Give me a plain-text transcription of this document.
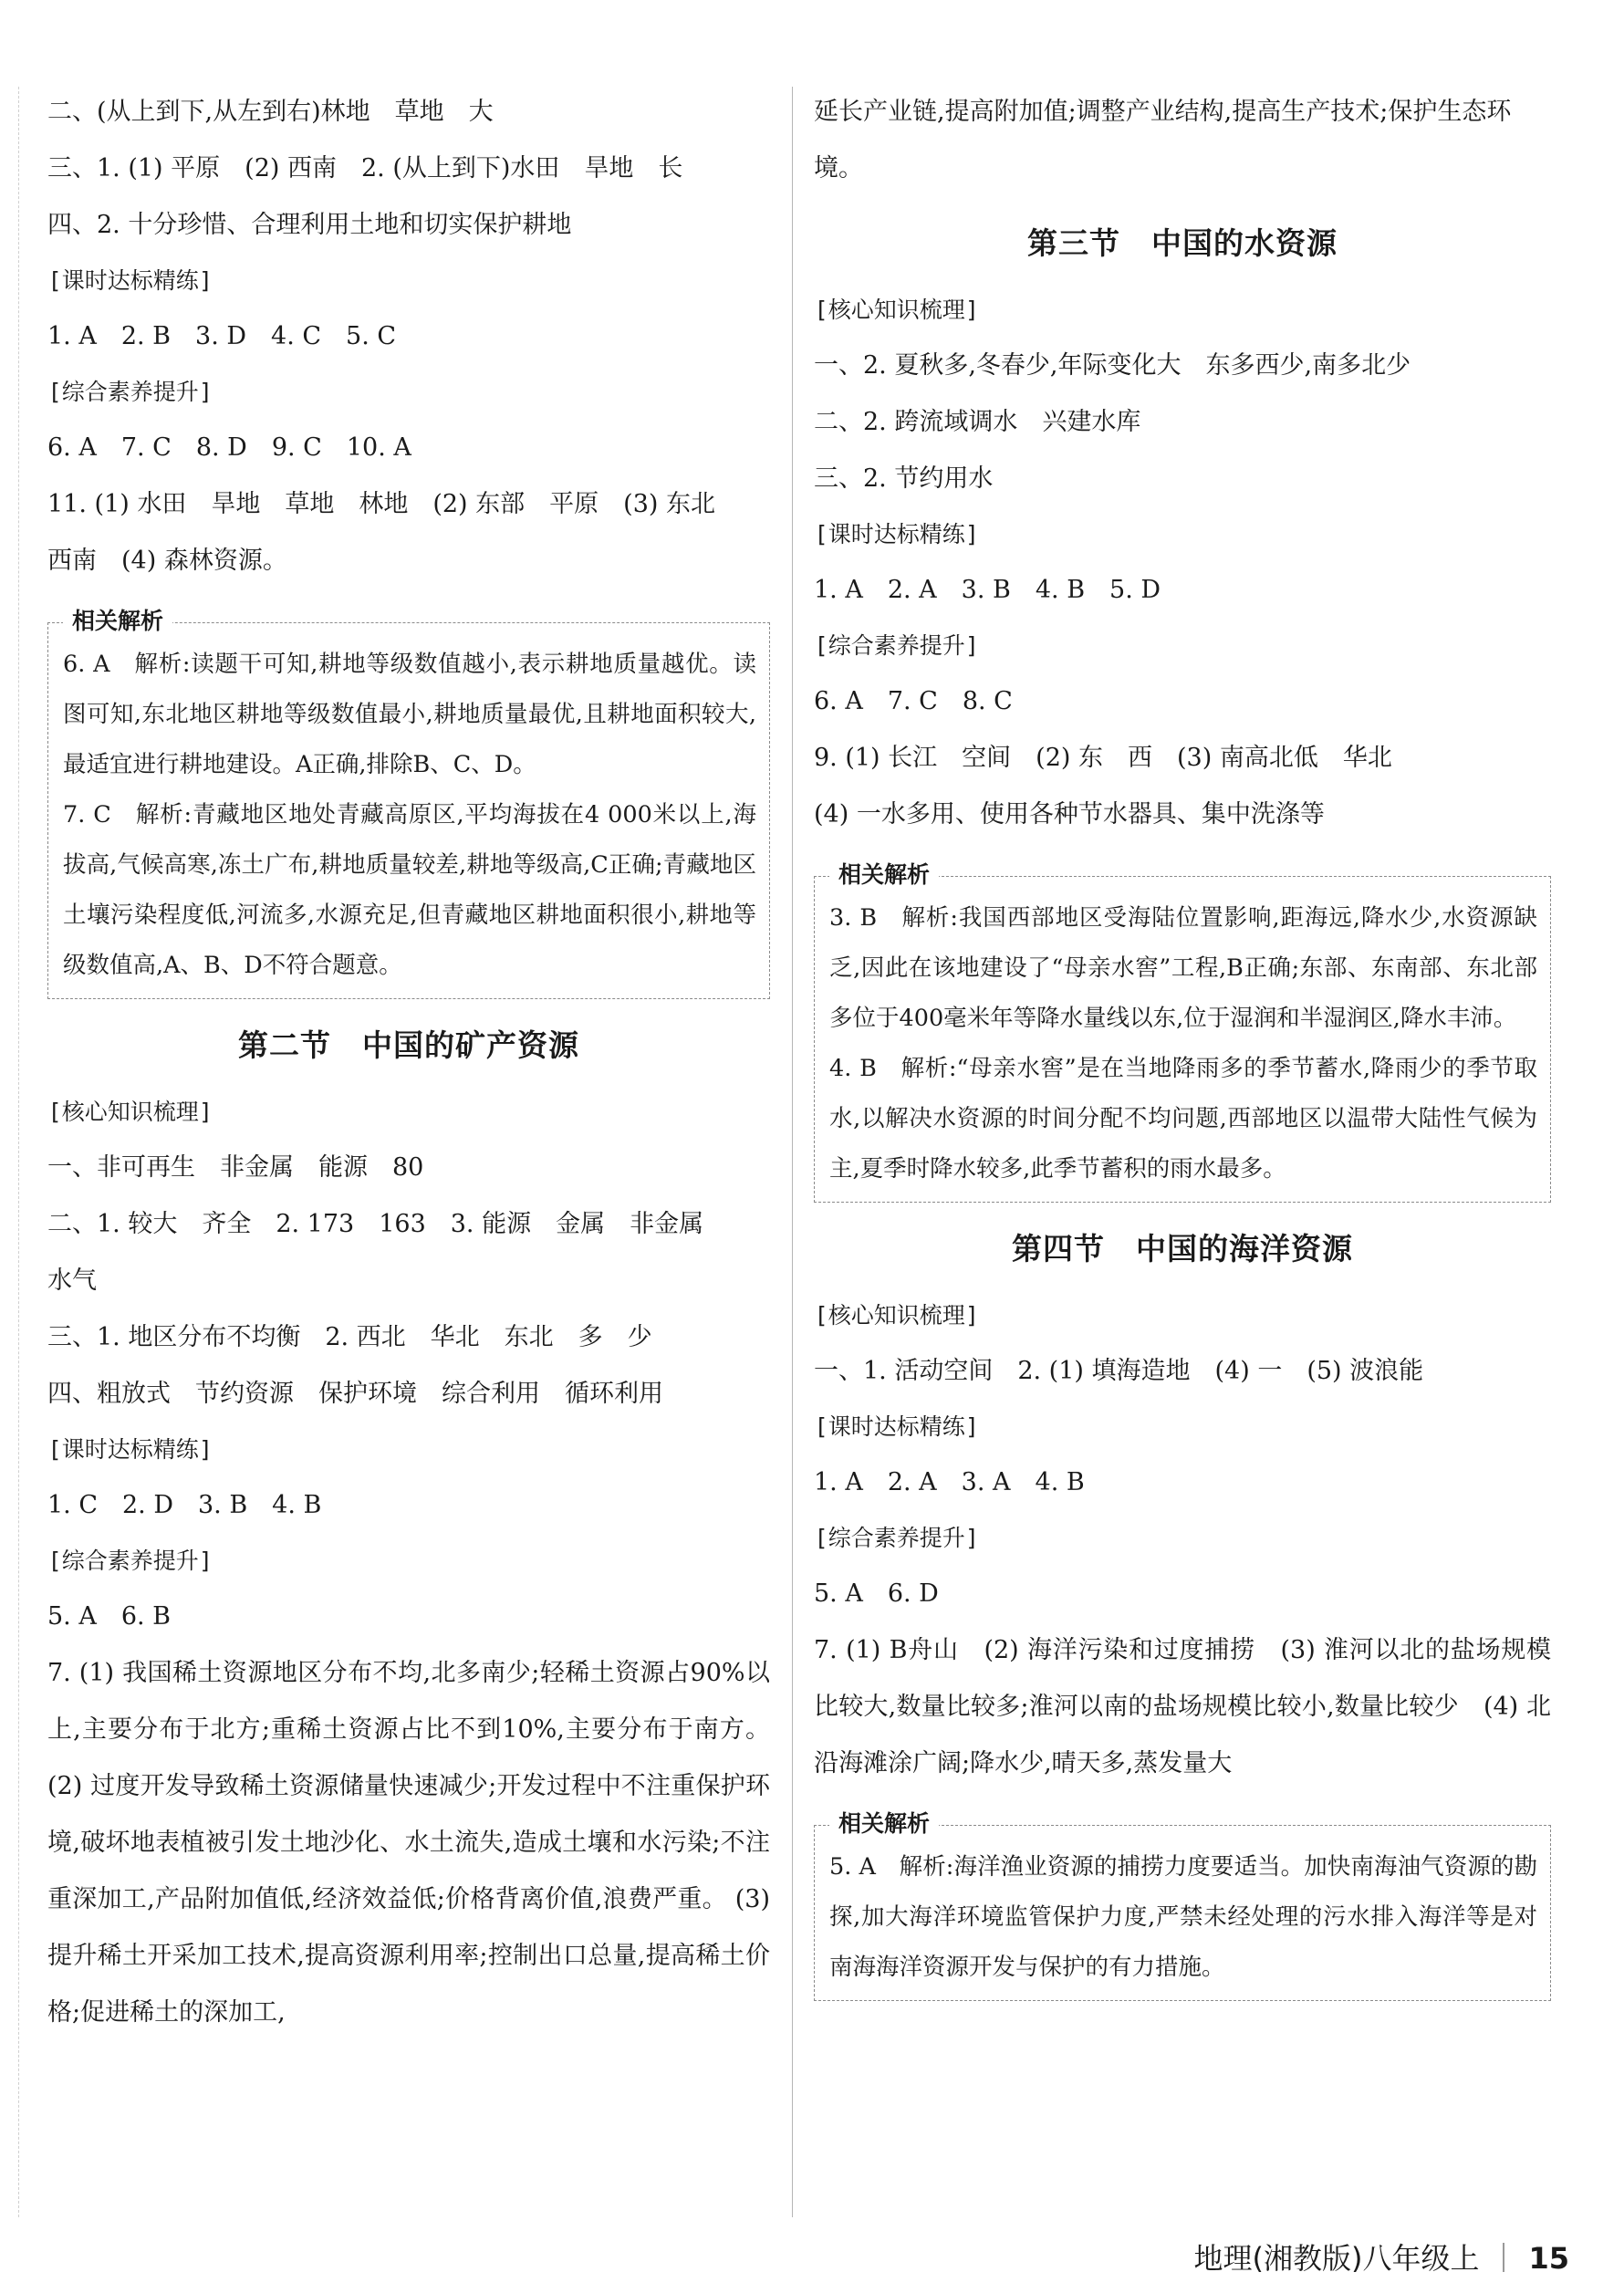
二、(从上到下,从左到右)林地　草地　大
三、1. (1) 平原　(2) 西南　2. (从上到下)水田　旱地　长
四、2. 十分珍惜、合理利用土地和切实保护耕地
[ 课时达标精练 ]
1. A　2. B　3. D　4. C　5. C
[ 综合素养提升 ]
6. A　7. C　8. D　9. C　10. A
11. (1) 水田　旱地　草地　林地　(2) 东部　平原　(3) 东北
西南　(4) 森林资源。
相关解析

6. A　解析:读题干可知,耕地等级数值越小,表示耕地质量越优。读图可知,东北地区耕地等级数值最小,耕地质量最优,且耕地面积较大,最适宜进行耕地建设。A正确,排除B、C、D。

7. C　解析:青藏地区地处青藏高原区,平均海拔在4 000米以上,海拔高,气候高寒,冻土广布,耕地质量较差,耕地等级高,C正确;青藏地区土壤污染程度低,河流多,水源充足,但青藏地区耕地面积很小,耕地等级数值高,A、B、D不符合题意。

第二节 中国的矿产资源
[ 核心知识梳理 ]
一、非可再生　非金属　能源　80
二、1. 较大　齐全　2. 173　163　3. 能源　金属　非金属
水气
三、1. 地区分布不均衡　2. 西北　华北　东北　多　少
四、粗放式　节约资源　保护环境　综合利用　循环利用
[ 课时达标精练 ]
1. C　2. D　3. B　4. B
[ 综合素养提升 ]
5. A　6. B
7. (1) 我国稀土资源地区分布不均,北多南少;轻稀土资源占90%以上,主要分布于北方;重稀土资源占比不到10%,主要分布于南方。 (2) 过度开发导致稀土资源储量快速减少;开发过程中不注重保护环境,破坏地表植被引发土地沙化、水土流失,造成土壤和水污染;不注重深加工,产品附加值低,经济效益低;价格背离价值,浪费严重。 (3) 提升稀土开采加工技术,提高资源利用率;控制出口总量,提高稀土价格;促进稀土的深加工,
延长产业链,提高附加值;调整产业结构,提高生产技术;保护生态环境。
第三节 中国的水资源
[ 核心知识梳理 ]
一、2. 夏秋多,冬春少,年际变化大　东多西少,南多北少
二、2. 跨流域调水　兴建水库
三、2. 节约用水
[ 课时达标精练 ]
1. A　2. A　3. B　4. B　5. D
[ 综合素养提升 ]
6. A　7. C　8. C
9. (1) 长江　空间　(2) 东　西　(3) 南高北低　华北
(4) 一水多用、使用各种节水器具、集中洗涤等
相关解析

3. B　解析:我国西部地区受海陆位置影响,距海远,降水少,水资源缺乏,因此在该地建设了“母亲水窖”工程,B正确;东部、东南部、东北部多位于400毫米年等降水量线以东,位于湿润和半湿润区,降水丰沛。

4. B　解析:“母亲水窖”是在当地降雨多的季节蓄水,降雨少的季节取水,以解决水资源的时间分配不均问题,西部地区以温带大陆性气候为主,夏季时降水较多,此季节蓄积的雨水最多。

第四节 中国的海洋资源
[ 核心知识梳理 ]
一、1. 活动空间　2. (1) 填海造地　(4) 一　(5) 波浪能
[ 课时达标精练 ]
1. A　2. A　3. A　4. B
[ 综合素养提升 ]
5. A　6. D
7. (1) B舟山　(2) 海洋污染和过度捕捞　(3) 淮河以北的盐场规模比较大,数量比较多;淮河以南的盐场规模比较小,数量比较少　(4) 北　沿海滩涂广阔;降水少,晴天多,蒸发量大
相关解析

5. A　解析:海洋渔业资源的捕捞力度要适当。加快南海油气资源的勘探,加大海洋环境监管保护力度,严禁未经处理的污水排入海洋等是对南海海洋资源开发与保护的有力措施。

地理(湘教版)八年级上 15
